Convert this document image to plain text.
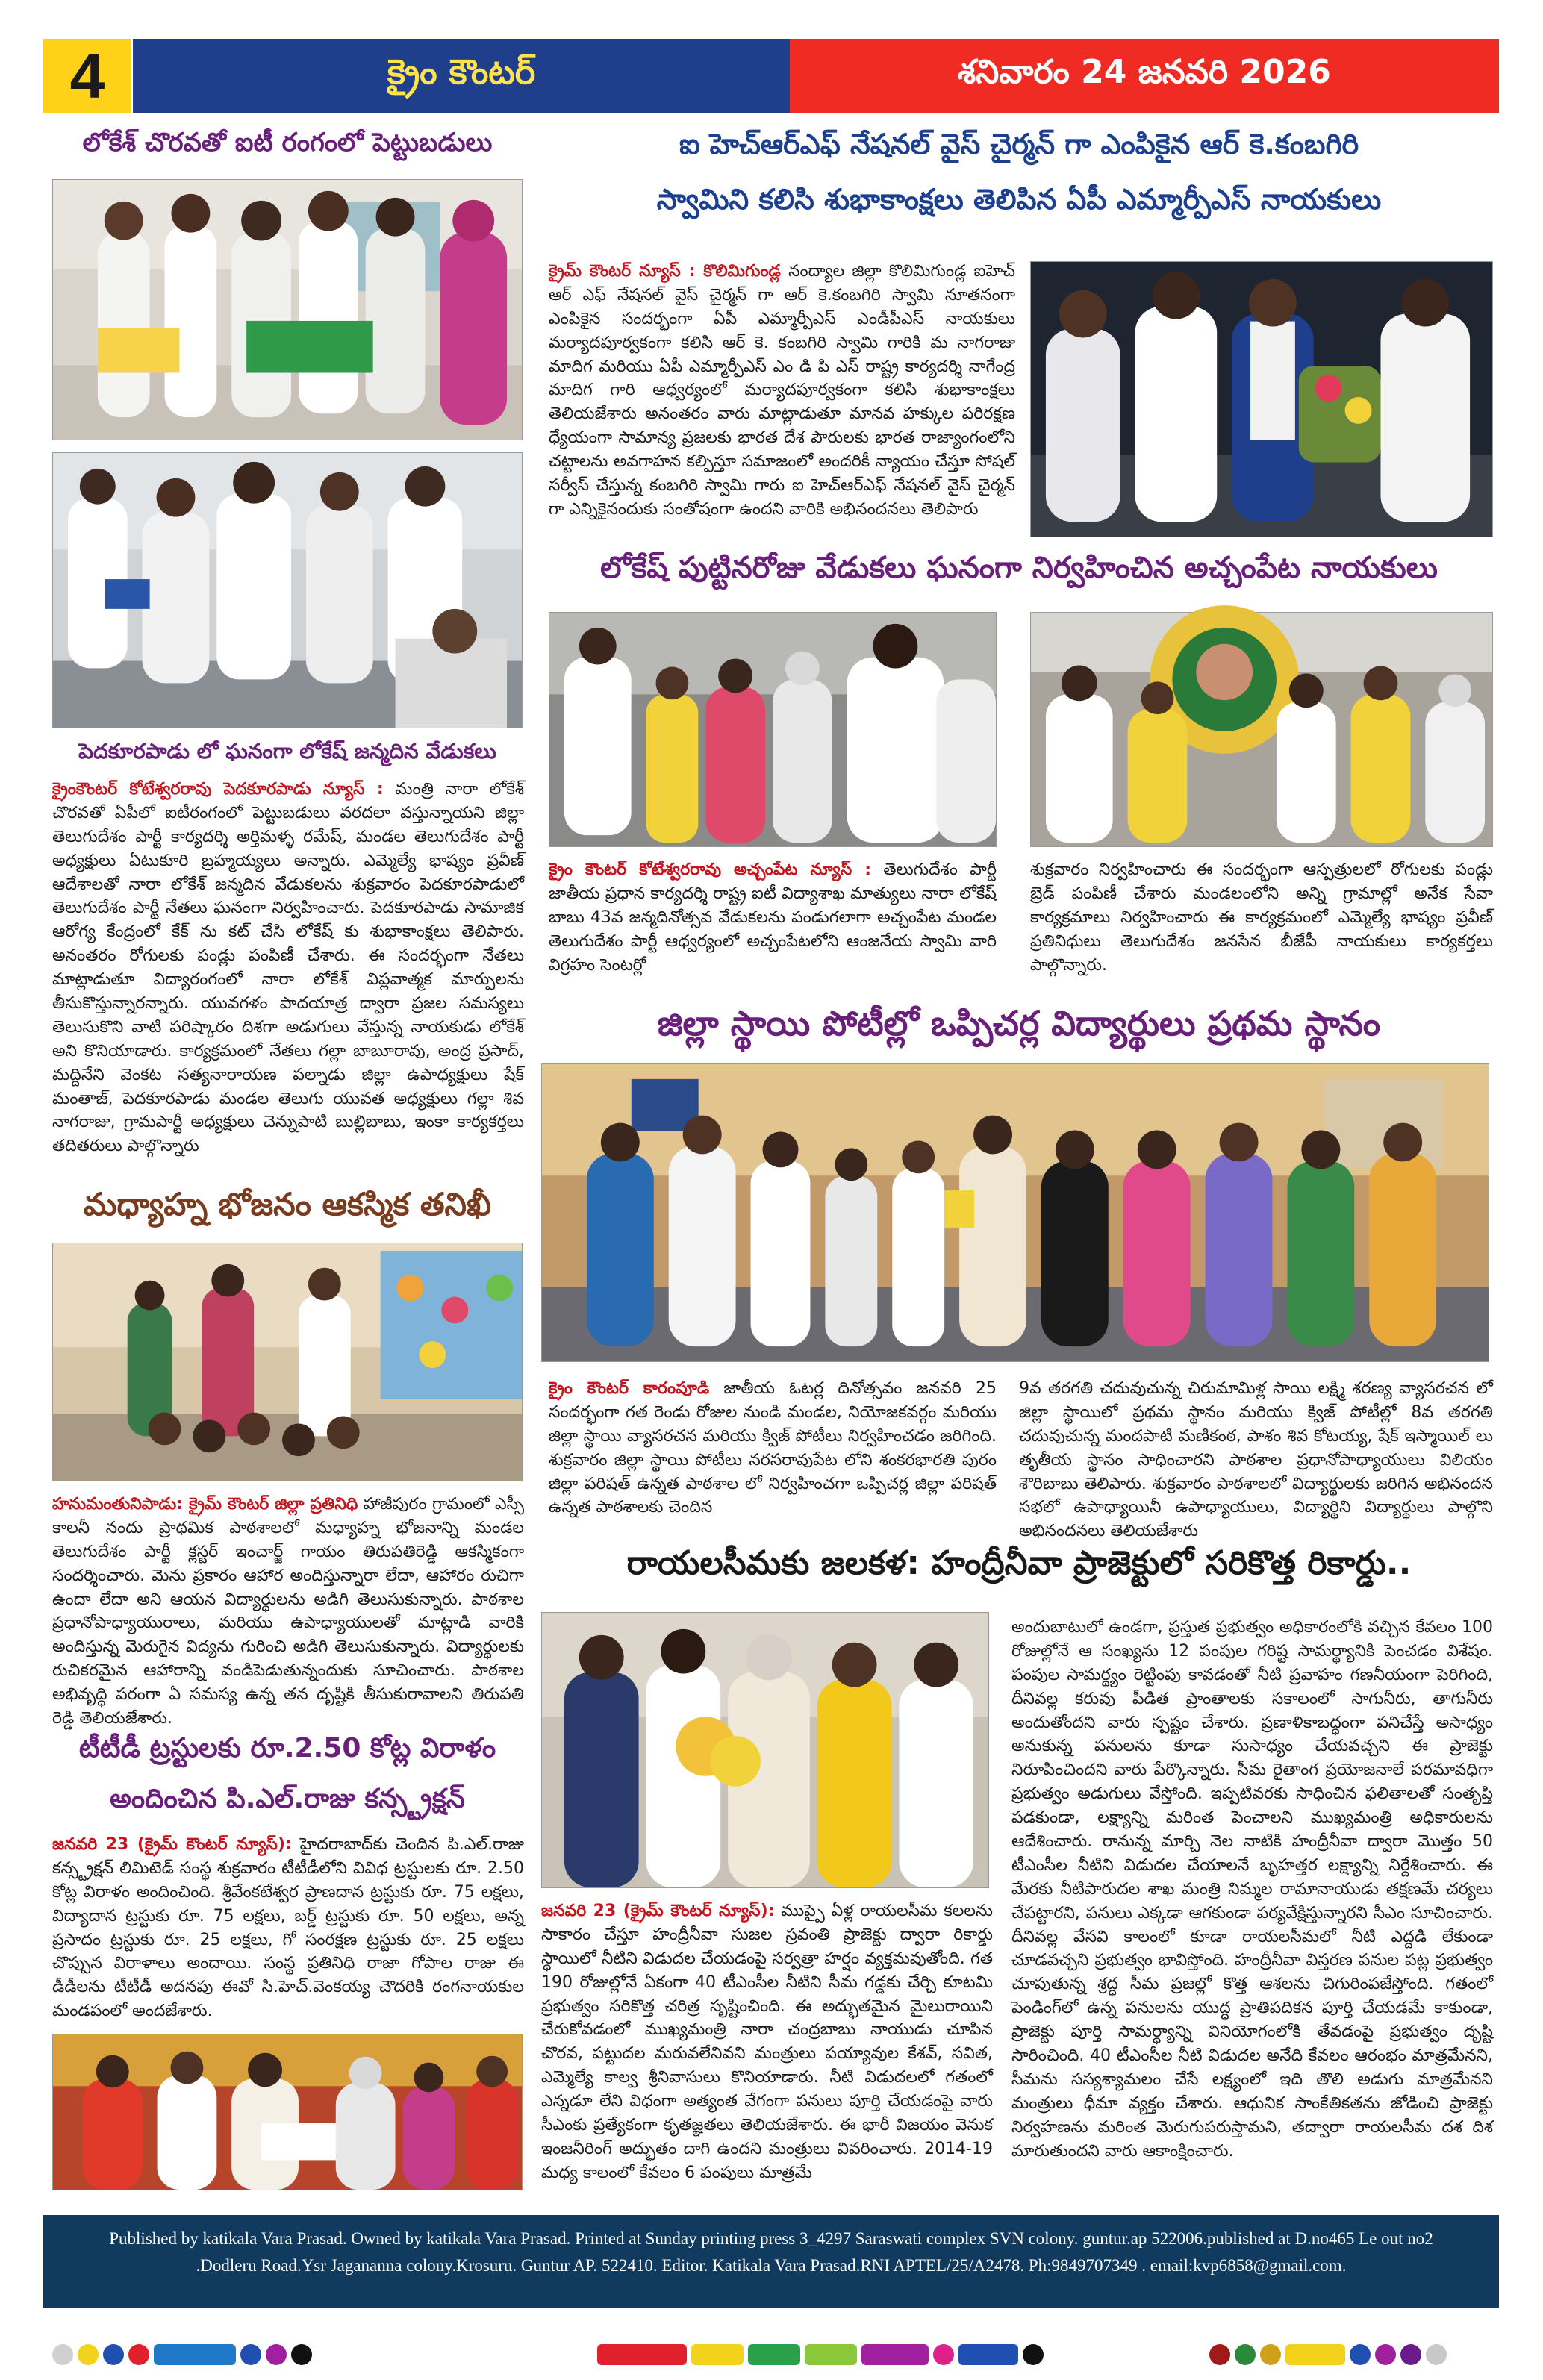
4	క్రైం కౌంటర్	శనివారం 24 జనవరి 2026
లోకేశ్ చొరవతో ఐటీ రంగంలో పెట్టుబడులు
పెదకూరపాడు లో ఘనంగా లోకేష్ జన్మదిన వేడుకలు
క్రైంకౌంటర్ కోటేశ్వరరావు పెదకూరపాడు న్యూస్ : మంత్రి నారా లోకేశ్ చొరవతో ఏపీలో ఐటీరంగంలో పెట్టుబడులు వరదలా వస్తున్నాయని జిల్లా తెలుగుదేశం పార్టీ కార్యదర్శి అర్తిమళ్ళ రమేష్, మండల తెలుగుదేశం పార్టీ అధ్యక్షులు ఏటుకూరి బ్రహ్మయ్యలు అన్నారు. ఎమ్మెల్యే భాష్యం ప్రవీణ్ ఆదేశాలతో నారా లోకేశ్ జన్మదిన వేడుకలను శుక్రవారం పెదకూరపాడులో తెలుగుదేశం పార్టీ నేతలు ఘనంగా నిర్వహించారు. పెదకూరపాడు సామాజిక ఆరోగ్య కేంద్రంలో కేక్ ను కట్ చేసి లోకేష్ కు శుభాకాంక్షలు తెలిపారు. అనంతరం రోగులకు పండ్లు పంపిణీ చేశారు. ఈ సందర్భంగా నేతలు మాట్లాడుతూ విద్యారంగంలో నారా లోకేశ్ విప్లవాత్మక మార్పులను తీసుకొస్తున్నారన్నారు. యువగళం పాదయాత్ర ద్వారా ప్రజల సమస్యలు తెలుసుకొని వాటి పరిష్కారం దిశగా అడుగులు వేస్తున్న నాయకుడు లోకేశ్ అని కొనియాడారు. కార్యక్రమంలో నేతలు గల్లా బాబూరావు, అంద్ర ప్రసాద్, మద్దినేని వెంకట సత్యనారాయణ పల్నాడు జిల్లా ఉపాధ్యక్షులు షేక్ మంతాజ్, పెదకూరపాడు మండల తెలుగు యువత అధ్యక్షులు గల్లా శివ నాగరాజు, గ్రామపార్టీ అధ్యక్షులు చెన్నుపాటి బుల్లిబాబు, ఇంకా కార్యకర్తలు తదితరులు పాల్గొన్నారు
మధ్యాహ్న భోజనం ఆకస్మిక తనిఖీ
హనుమంతునిపాడు: క్రైమ్ కౌంటర్ జిల్లా ప్రతినిధి హాజీపురం గ్రామంలో ఎస్సీ కాలనీ నందు ప్రాథమిక పాఠశాలలో మధ్యాహ్న భోజనాన్ని మండల తెలుగుదేశం పార్టీ క్లస్టర్ ఇంచార్జ్ గాయం తిరుపతిరెడ్డి ఆకస్మికంగా సందర్శించారు. మెను ప్రకారం ఆహార అందిస్తున్నారా లేదా, ఆహారం రుచిగా ఉందా లేదా అని ఆయన విద్యార్థులను అడిగి తెలుసుకున్నారు. పాఠశాల ప్రధానోపాధ్యాయురాలు, మరియు ఉపాధ్యాయులతో మాట్లాడి వారికి అందిస్తున్న మెరుగైన విద్యను గురించి అడిగి తెలుసుకున్నారు. విద్యార్థులకు రుచికరమైన ఆహారాన్ని వండిపెడుతున్నందుకు సూచించారు. పాఠశాల అభివృద్ధి పరంగా ఏ సమస్య ఉన్న తన దృష్టికి తీసుకురావాలని తిరుపతి రెడ్డి తెలియజేశారు.
టీటీడీ ట్రస్టులకు రూ.2.50 కోట్ల విరాళం
అందించిన పి.ఎల్.రాజు కన్స్ట్రక్షన్
జనవరి 23 (క్రైమ్ కౌంటర్ న్యూస్): హైదరాబాద్‌కు చెందిన పి.ఎల్.రాజు కన్స్ట్రక్షన్ లిమిటెడ్ సంస్థ శుక్రవారం టీటీడీలోని వివిధ ట్రస్టులకు రూ. 2.50 కోట్ల విరాళం అందించింది. శ్రీవేంకటేశ్వర ప్రాణదాన ట్రస్టుకు రూ. 75 లక్షలు, విద్యాదాన ట్రస్టుకు రూ. 75 లక్షలు, బర్డ్ ట్రస్టుకు రూ. 50 లక్షలు, అన్న ప్రసాదం ట్రస్టుకు రూ. 25 లక్షలు, గో సంరక్షణ ట్రస్టుకు రూ. 25 లక్షలు చొప్పున విరాళాలు అందాయి. సంస్థ ప్రతినిధి రాజా గోపాల రాజు ఈ డీడీలను టీటీడీ అదనపు ఈవో సి.హెచ్.వెంకయ్య చౌదరికి రంగనాయకుల మండపంలో అందజేశారు.
ఐ హెచ్ఆర్ఎఫ్ నేషనల్ వైస్ చైర్మన్ గా ఎంపికైన ఆర్ కె.కంబగిరి
స్వామిని కలిసి శుభాకాంక్షలు తెలిపిన ఏపీ ఎమ్మార్పీఎస్ నాయకులు
క్రైమ్ కౌంటర్ న్యూస్ : కొలిమిగుండ్ల నంద్యాల జిల్లా కొలిమిగుండ్ల ఐహెచ్ ఆర్ ఎఫ్ నేషనల్ వైస్ చైర్మన్ గా ఆర్ కె.కంబగిరి స్వామి నూతనంగా ఎంపికైన సందర్భంగా ఏపీ ఎమ్మార్పీఎస్ ఎండీపీఎస్ నాయకులు మర్యాదపూర్వకంగా కలిసి ఆర్ కె. కంబగిరి స్వామి గారికి మ నాగరాజు మాదిగ మరియు ఏపీ ఎమ్మార్పీఎస్ ఎం డి పి ఎస్ రాష్ట్ర కార్యదర్శి నాగేంద్ర మాదిగ గారి ఆధ్వర్యంలో మర్యాదపూర్వకంగా కలిసి శుభాకాంక్షలు తెలియజేశారు అనంతరం వారు మాట్లాడుతూ మానవ హక్కుల పరిరక్షణ ధ్యేయంగా సామాన్య ప్రజలకు భారత దేశ పౌరులకు భారత రాజ్యాంగంలోని చట్టాలను అవగాహన కల్పిస్తూ సమాజంలో అందరికీ న్యాయం చేస్తూ సోషల్ సర్వీస్ చేస్తున్న కంబగిరి స్వామి గారు ఐ హెచ్ఆర్ఎఫ్ నేషనల్ వైస్ చైర్మన్ గా ఎన్నికైనందుకు సంతోషంగా ఉందని వారికి అభినందనలు తెలిపారు
లోకేష్ పుట్టినరోజు వేడుకలు ఘనంగా నిర్వహించిన అచ్చంపేట నాయకులు
క్రైం కౌంటర్ కోటేశ్వరరావు అచ్చంపేట న్యూస్ : తెలుగుదేశం పార్టీ జాతీయ ప్రధాన కార్యదర్శి రాష్ట్ర ఐటీ విద్యాశాఖ మాత్యులు నారా లోకేష్ బాబు 43వ జన్మదినోత్సవ వేడుకలను పండుగలాగా అచ్చంపేట మండల తెలుగుదేశం పార్టీ ఆధ్వర్యంలో అచ్చంపేటలోని ఆంజనేయ స్వామి వారి విగ్రహం సెంటర్లో
శుక్రవారం నిర్వహించారు ఈ సందర్భంగా ఆస్పత్రులలో రోగులకు పండ్లు బ్రెడ్ పంపిణీ చేశారు మండలంలోని అన్ని గ్రామాల్లో అనేక సేవా కార్యక్రమాలు నిర్వహించారు ఈ కార్యక్రమంలో ఎమ్మెల్యే భాష్యం ప్రవీణ్ ప్రతినిధులు తెలుగుదేశం జనసేన బీజేపీ నాయకులు కార్యకర్తలు పాల్గొన్నారు.
జిల్లా స్థాయి పోటీల్లో ఒప్పిచర్ల విద్యార్థులు ప్రథమ స్థానం
క్రైం కౌంటర్ కారంపూడి జాతీయ ఓటర్ల దినోత్సవం జనవరి 25 సందర్భంగా గత రెండు రోజుల నుండి మండల, నియోజకవర్గం మరియు జిల్లా స్థాయి వ్యాసరచన మరియు క్విజ్ పోటీలు నిర్వహించడం జరిగింది. శుక్రవారం జిల్లా స్థాయి పోటీలు నరసరావుపేట లోని శంకరభారతి పురం జిల్లా పరిషత్ ఉన్నత పాఠశాల లో నిర్వహించగా ఒప్పిచర్ల జిల్లా పరిషత్ ఉన్నత పాఠశాలకు చెందిన
9వ తరగతి చదువుచున్న చిరుమామిళ్ల సాయి లక్ష్మి శరణ్య వ్యాసరచన లో జిల్లా స్థాయిలో ప్రథమ స్థానం మరియు క్విజ్ పోటీల్లో 8వ తరగతి చదువుచున్న మందపాటి మణికంఠ, పాశం శివ కోటయ్య, షేక్ ఇస్మాయిల్ లు తృతీయ స్థానం సాధించారని పాఠశాల ప్రధానోపాధ్యాయులు విలియం శౌరిబాబు తెలిపారు. శుక్రవారం పాఠశాలలో విద్యార్థులకు జరిగిన అభినందన సభలో ఉపాధ్యాయినీ ఉపాధ్యాయులు, విద్యార్థిని విద్యార్థులు పాల్గొని అభినందనలు తెలియజేశారు
రాయలసీమకు జలకళ: హంద్రీనీవా ప్రాజెక్టులో సరికొత్త రికార్డు..
జనవరి 23 (క్రైమ్ కౌంటర్ న్యూస్): ముప్పై ఏళ్ల రాయలసీమ కలలను సాకారం చేస్తూ హంద్రీనీవా సుజల స్రవంతి ప్రాజెక్టు ద్వారా రికార్డు స్థాయిలో నీటిని విడుదల చేయడంపై సర్వత్రా హర్షం వ్యక్తమవుతోంది. గత 190 రోజుల్లోనే ఏకంగా 40 టీఎంసీల నీటిని సీమ గడ్డకు చేర్చి కూటమి ప్రభుత్వం సరికొత్త చరిత్ర సృష్టించింది. ఈ అద్భుతమైన మైలురాయిని చేరుకోవడంలో ముఖ్యమంత్రి నారా చంద్రబాబు నాయుడు చూపిన చొరవ, పట్టుదల మరువలేనివని మంత్రులు పయ్యావుల కేశవ్, సవిత, ఎమ్మెల్యే కాల్వ శ్రీనివాసులు కొనియాడారు. నీటి విడుదలలో గతంలో ఎన్నడూ లేని విధంగా అత్యంత వేగంగా పనులు పూర్తి చేయడంపై వారు సీఎంకు ప్రత్యేకంగా కృతజ్ఞతలు తెలియజేశారు. ఈ భారీ విజయం వెనుక ఇంజనీరింగ్ అద్భుతం దాగి ఉందని మంత్రులు వివరించారు. 2014-19 మధ్య కాలంలో కేవలం 6 పంపులు మాత్రమే
అందుబాటులో ఉండగా, ప్రస్తుత ప్రభుత్వం అధికారంలోకి వచ్చిన కేవలం 100 రోజుల్లోనే ఆ సంఖ్యను 12 పంపుల గరిష్ట సామర్థ్యానికి పెంచడం విశేషం. పంపుల సామర్థ్యం రెట్టింపు కావడంతో నీటి ప్రవాహం గణనీయంగా పెరిగింది, దీనివల్ల కరువు పీడిత ప్రాంతాలకు సకాలంలో సాగునీరు, తాగునీరు అందుతోందని వారు స్పష్టం చేశారు. ప్రణాళికాబద్ధంగా పనిచేస్తే అసాధ్యం అనుకున్న పనులను కూడా సుసాధ్యం చేయవచ్చని ఈ ప్రాజెక్టు నిరూపించిందని వారు పేర్కొన్నారు. సీమ రైతాంగ ప్రయోజనాలే పరమావధిగా ప్రభుత్వం అడుగులు వేస్తోంది. ఇప్పటివరకు సాధించిన ఫలితాలతో సంతృప్తి పడకుండా, లక్ష్యాన్ని మరింత పెంచాలని ముఖ్యమంత్రి అధికారులను ఆదేశించారు. రానున్న మార్చి నెల నాటికి హంద్రీనీవా ద్వారా మొత్తం 50 టీఎంసీల నీటిని విడుదల చేయాలనే బృహత్తర లక్ష్యాన్ని నిర్దేశించారు. ఈ మేరకు నీటిపారుదల శాఖ మంత్రి నిమ్మల రామానాయుడు తక్షణమే చర్యలు చేపట్టారని, పనులు ఎక్కడా ఆగకుండా పర్యవేక్షిస్తున్నారని సీఎం సూచించారు. దీనివల్ల వేసవి కాలంలో కూడా రాయలసీమలో నీటి ఎద్దడి లేకుండా చూడవచ్చని ప్రభుత్వం భావిస్తోంది. హంద్రీనీవా విస్తరణ పనుల పట్ల ప్రభుత్వం చూపుతున్న శ్రద్ధ సీమ ప్రజల్లో కొత్త ఆశలను చిగురింపజేస్తోంది. గతంలో పెండింగ్‌లో ఉన్న పనులను యుద్ధ ప్రాతిపదికన పూర్తి చేయడమే కాకుండా, ప్రాజెక్టు పూర్తి సామర్థ్యాన్ని వినియోగంలోకి తేవడంపై ప్రభుత్వం దృష్టి సారించింది. 40 టీఎంసీల నీటి విడుదల అనేది కేవలం ఆరంభం మాత్రమేనని, సీమను సస్యశ్యామలం చేసే లక్ష్యంలో ఇది తొలి అడుగు మాత్రమేనని మంత్రులు ధీమా వ్యక్తం చేశారు. ఆధునిక సాంకేతికతను జోడించి ప్రాజెక్టు నిర్వహణను మరింత మెరుగుపరుస్తామని, తద్వారా రాయలసీమ దశ దిశ మారుతుందని వారు ఆకాంక్షించారు.
Published by katikala Vara Prasad. Owned by katikala Vara Prasad. Printed at Sunday printing press 3_4297 Saraswati complex SVN colony. guntur.ap 522006.published at D.no465 Le out no2
.Dodleru Road.Ysr Jagananna colony.Krosuru. Guntur AP. 522410. Editor. Katikala Vara Prasad.RNI APTEL/25/A2478. Ph:9849707349 . email:kvp6858@gmail.com.
